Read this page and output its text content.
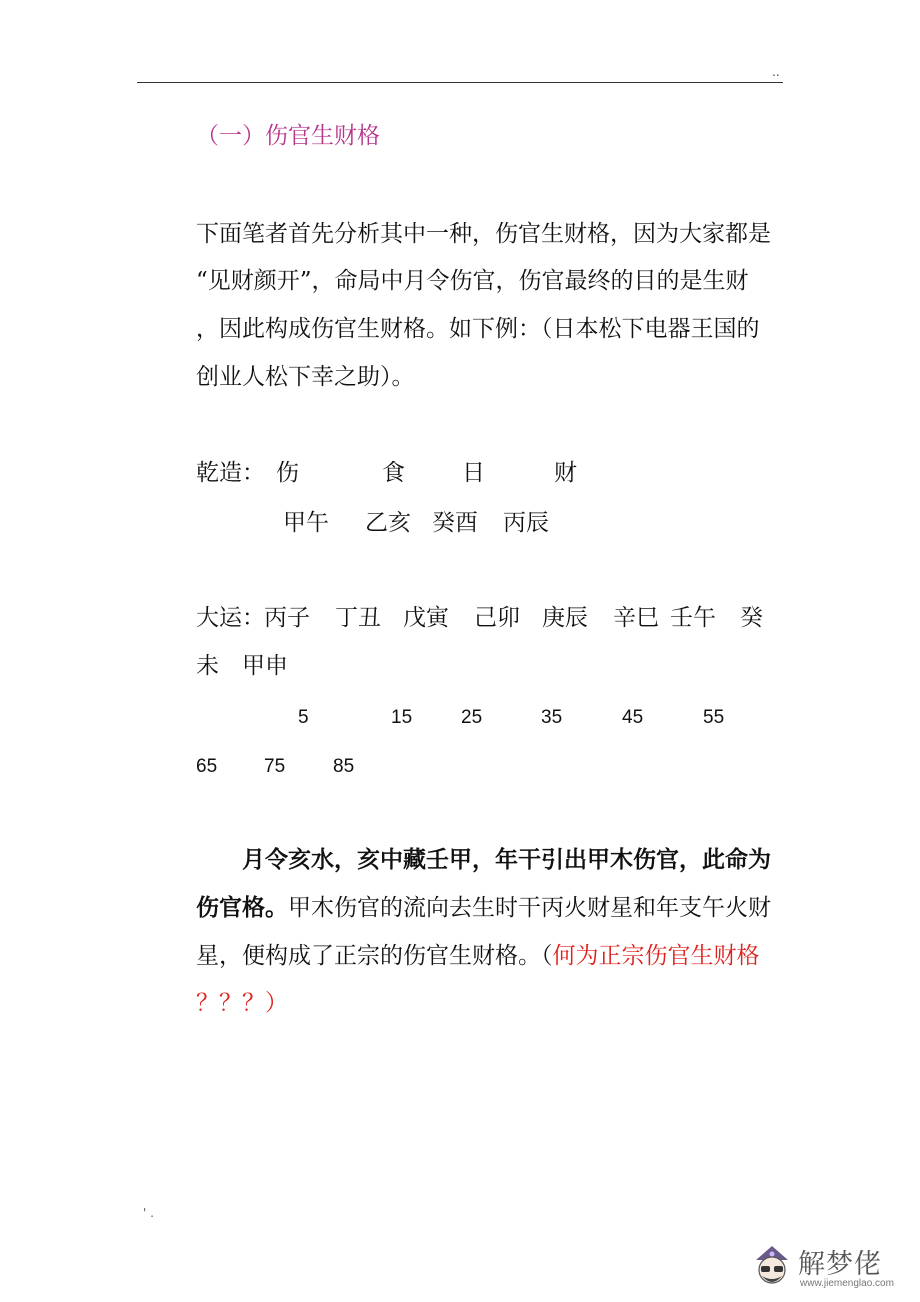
..
（一）伤官生财格
下面笔者首先分析其中一种，伤官生财格，因为大家都是
“见财颜开”，命局中月令伤官，伤官最终的目的是生财
，因此构成伤官生财格。如下例：（日本松下电器王国的
创业人松下幸之助）。
乾造： 伤	食 日	财
甲午 乙亥 癸酉 丙辰
大运： 丙子 丁丑 戊寅 己卯 庚辰 辛巳 壬午 癸
未 甲申
5	15	25	35	45	55
65 75	85
月令亥水，亥中藏壬甲，年干引出甲木伤官，此命为
伤官格。甲木伤官的流向去生时干丙火财星和年支午火财
星，便构成了正宗的伤官生财格。（何为正宗伤官生财格
？？？）
' .
解梦佬
www.jiemenglao.com
